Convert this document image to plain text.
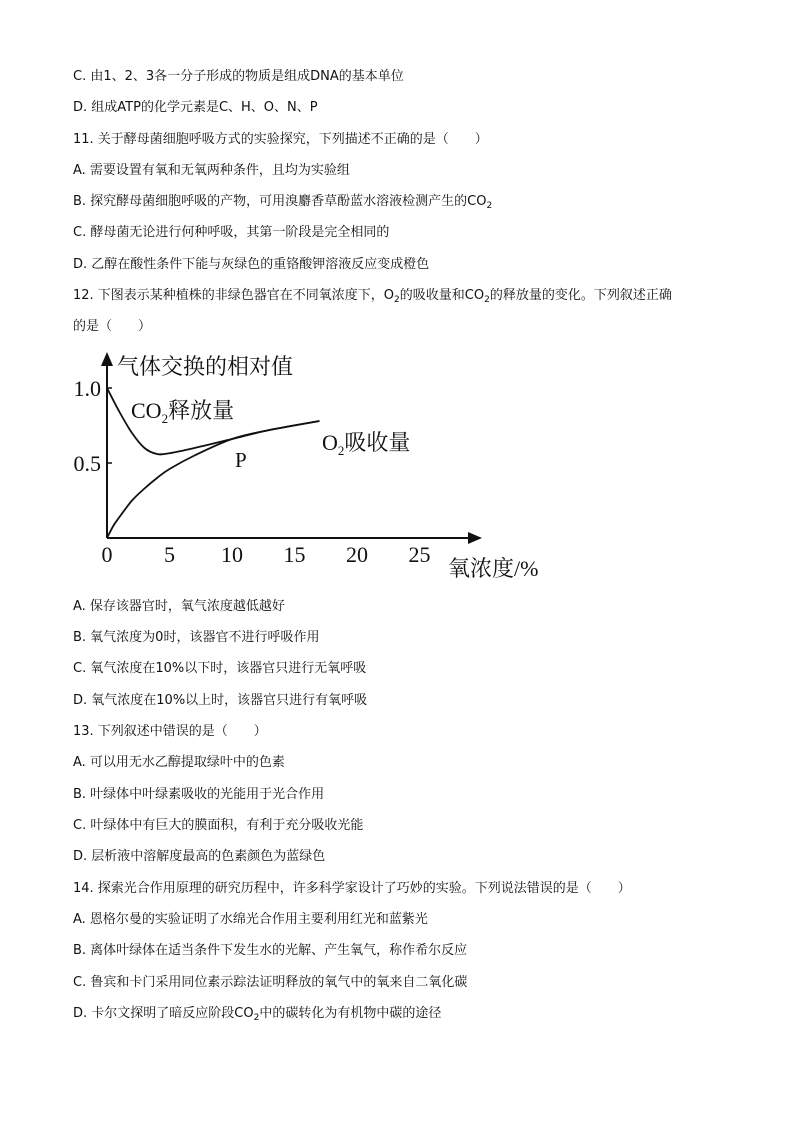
C. 由1、2、3各一分子形成的物质是组成DNA的基本单位
D. 组成ATP的化学元素是C、H、O、N、P
11. 关于酵母菌细胞呼吸方式的实验探究，下列描述不正确的是（　　）
A. 需要设置有氧和无氧两种条件，且均为实验组
B. 探究酵母菌细胞呼吸的产物，可用溴麝香草酚蓝水溶液检测产生的$CO_2$
C. 酵母菌无论进行何种呼吸，其第一阶段是完全相同的
D. 乙醇在酸性条件下能与灰绿色的重铬酸钾溶液反应变成橙色
12. 下图表示某种植株的非绿色器官在不同氧浓度下，$O_2$的吸收量和$CO_2$的释放量的变化。下列叙述正确
的是（　　）
A. 保存该器官时，氧气浓度越低越好
B. 氧气浓度为0时，该器官不进行呼吸作用
C. 氧气浓度在10%以下时，该器官只进行无氧呼吸
D. 氧气浓度在10%以上时，该器官只进行有氧呼吸
13. 下列叙述中错误的是（　　）
A. 可以用无水乙醇提取绿叶中的色素
B. 叶绿体中叶绿素吸收的光能用于光合作用
C. 叶绿体中有巨大的膜面积，有利于充分吸收光能
D. 层析液中溶解度最高的色素颜色为蓝绿色
14. 探索光合作用原理的研究历程中，许多科学家设计了巧妙的实验。下列说法错误的是（　　）
A. 恩格尔曼的实验证明了水绵光合作用主要利用红光和蓝紫光
B. 离体叶绿体在适当条件下发生水的光解、产生氧气，称作希尔反应
C. 鲁宾和卡门采用同位素示踪法证明释放的氧气中的氧来自二氧化碳
D. 卡尔文探明了暗反应阶段$CO_2$中的碳转化为有机物中碳的途径
0 5 10 15 20 25
1.0
0.5
气体交换的相对值
氧浓度/%
$CO_2$释放量
$O_2$吸收量
P
